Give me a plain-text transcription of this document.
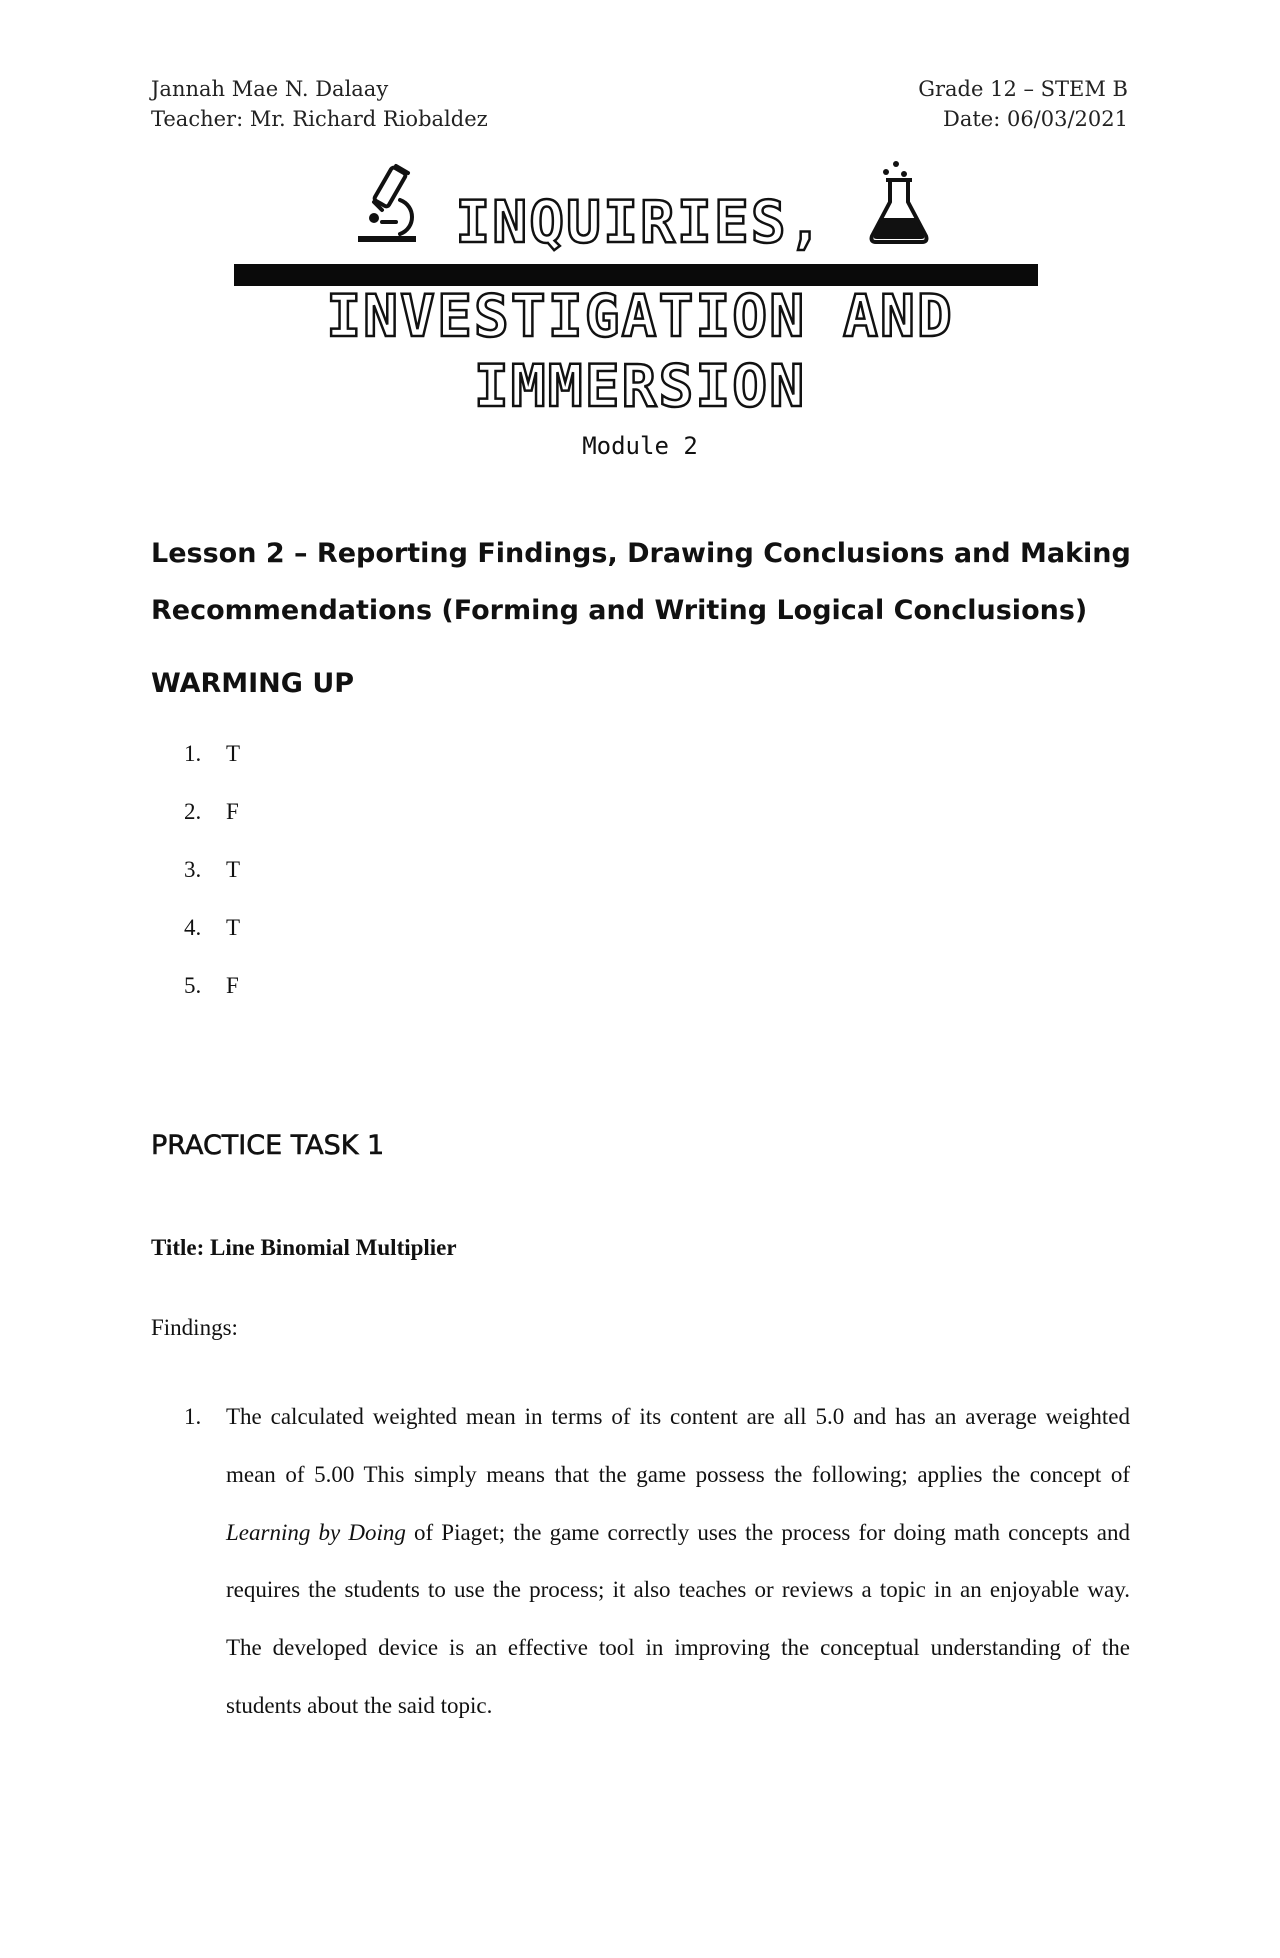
Jannah Mae N. Dalaay
Teacher: Mr. Richard Riobaldez
Grade 12 – STEM B
Date: 06/03/2021
INQUIRIES,
INVESTIGATION AND
IMMERSION
Module 2
Lesson 2 – Reporting Findings, Drawing Conclusions and Making Recommendations (Forming and Writing Logical Conclusions)
WARMING UP
1. T
2. F
3. T
4. T
5. F
PRACTICE TASK 1
Title: Line Binomial Multiplier
Findings:
1. The calculated weighted mean in terms of its content are all 5.0 and has an average weighted mean of 5.00 This simply means that the game possess the following; applies the concept of Learning by Doing of Piaget; the game correctly uses the process for doing math concepts and requires the students to use the process; it also teaches or reviews a topic in an enjoyable way. The developed device is an effective tool in improving the conceptual understanding of the students about the said topic.
